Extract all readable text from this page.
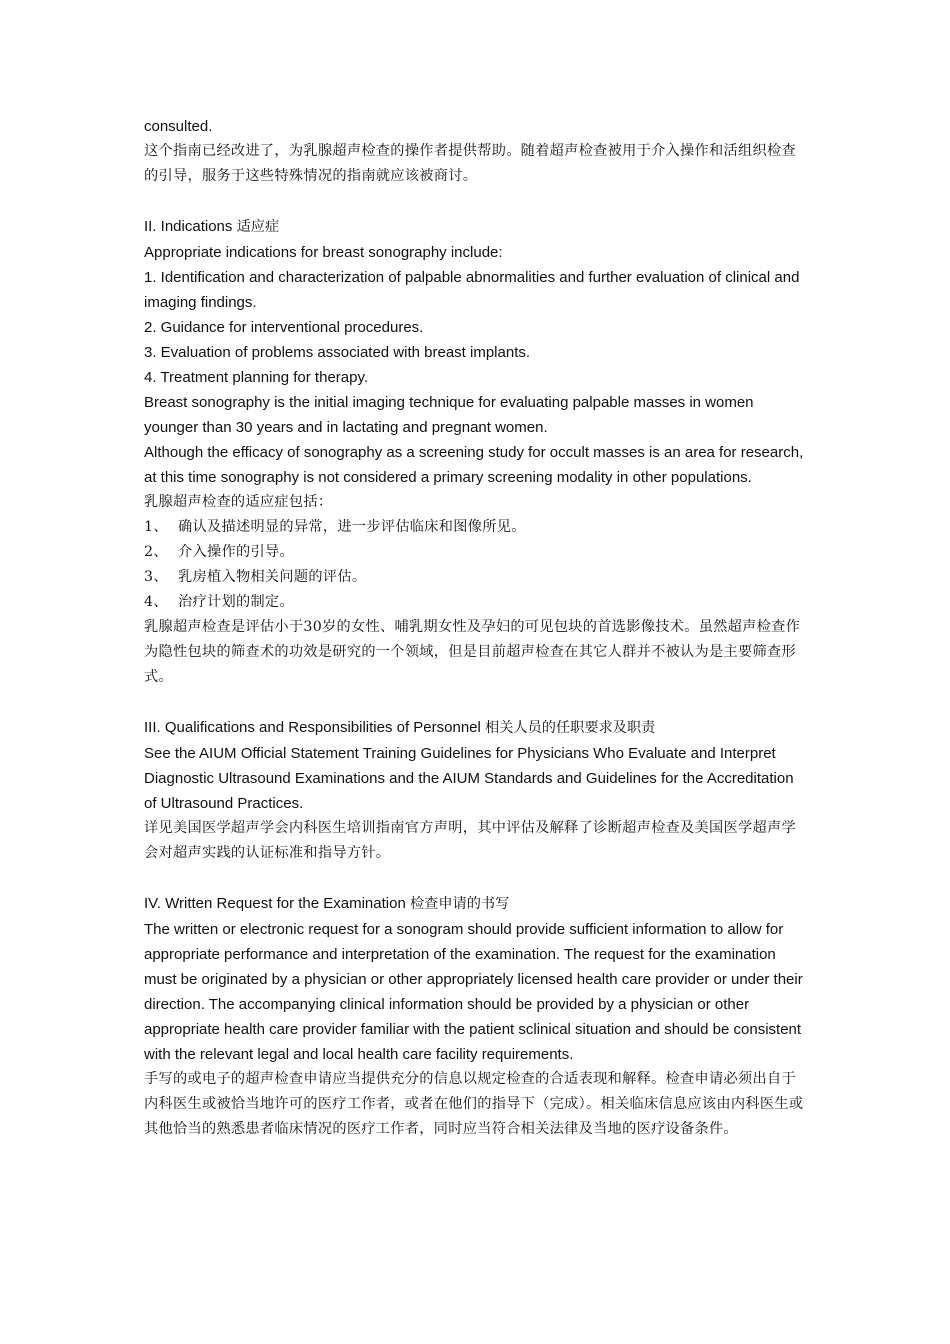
consulted.

这个指南已经改进了，为乳腺超声检查的操作者提供帮助。随着超声检查被用于介入操作和活组织检查的引导，服务于这些特殊情况的指南就应该被商讨。

II. Indications 适应症

Appropriate indications for breast sonography include:

1. Identification and characterization of palpable abnormalities and further evaluation of clinical and imaging findings.

2. Guidance for interventional procedures.

3. Evaluation of problems associated with breast implants.

4. Treatment planning for therapy.

Breast sonography is the initial imaging technique for evaluating palpable masses in women younger than 30 years and in lactating and pregnant women.

Although the efficacy of sonography as a screening study for occult masses is an area for research, at this time sonography is not considered a primary screening modality in other populations.

乳腺超声检查的适应症包括：

1、 确认及描述明显的异常，进一步评估临床和图像所见。
2、 介入操作的引导。
3、 乳房植入物相关问题的评估。
4、 治疗计划的制定。

乳腺超声检查是评估小于30岁的女性、哺乳期女性及孕妇的可见包块的首选影像技术。虽然超声检查作为隐性包块的筛查术的功效是研究的一个领域，但是目前超声检查在其它人群并不被认为是主要筛查形式。

III. Qualifications and Responsibilities of Personnel 相关人员的任职要求及职责

See the AIUM Official Statement Training Guidelines for Physicians Who Evaluate and Interpret Diagnostic Ultrasound Examinations and the AIUM Standards and Guidelines for the Accreditation of Ultrasound Practices.

详见美国医学超声学会内科医生培训指南官方声明，其中评估及解释了诊断超声检查及美国医学超声学会对超声实践的认证标准和指导方针。

IV. Written Request for the Examination 检查申请的书写

The written or electronic request for a sonogram should provide sufficient information to allow for appropriate performance and interpretation of the examination. The request for the examination must be originated by a physician or other appropriately licensed health care provider or under their direction. The accompanying clinical information should be provided by a physician or other appropriate health care provider familiar with the patient sclinical situation and should be consistent with the relevant legal and local health care facility requirements.

手写的或电子的超声检查申请应当提供充分的信息以规定检查的合适表现和解释。检查申请必须出自于内科医生或被恰当地许可的医疗工作者，或者在他们的指导下（完成）。相关临床信息应该由内科医生或其他恰当的熟悉患者临床情况的医疗工作者，同时应当符合相关法律及当地的医疗设备条件。
